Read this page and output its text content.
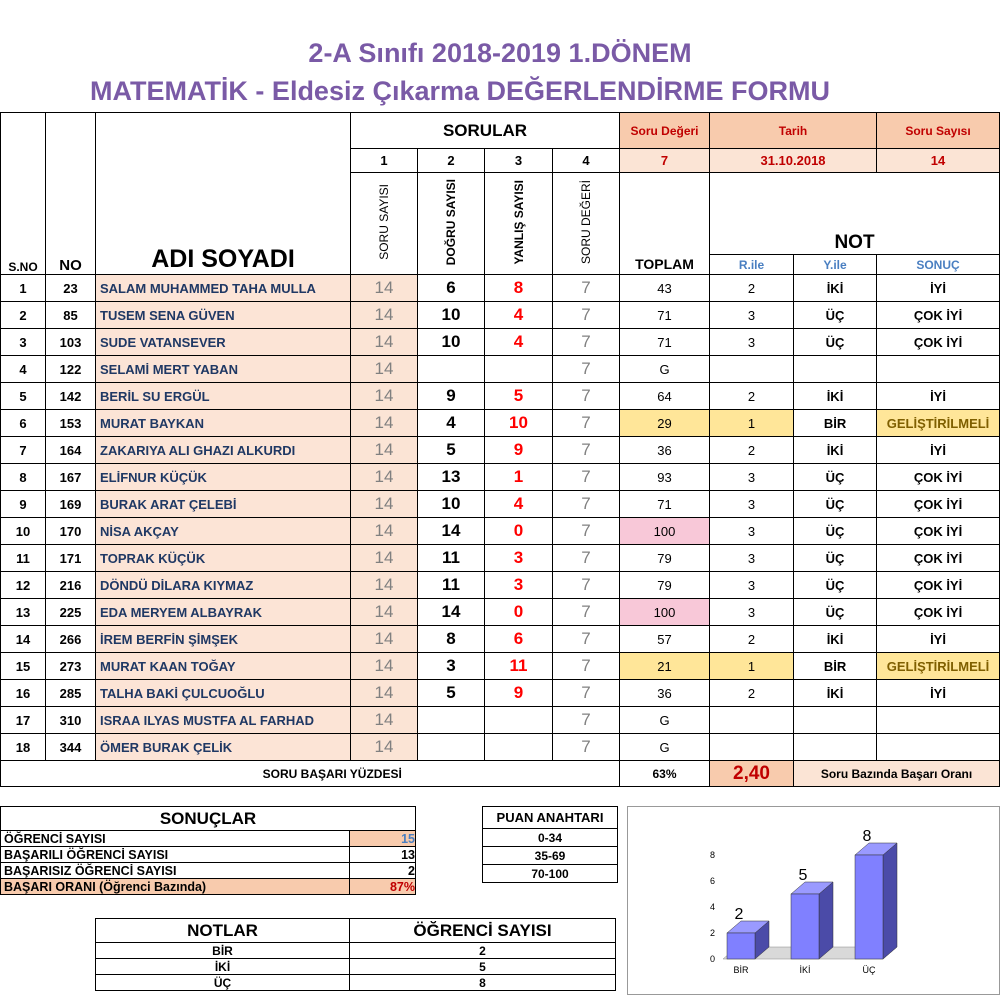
2-A Sınıfı 2018-2019 1.DÖNEM
MATEMATİK - Eldesiz Çıkarma DEĞERLENDİRME FORMU
S.NO	NO	ADI SOYADI	SORULAR				Soru Değeri	Tarih		Soru Sayısı
			1	2	3	4	7	31.10.2018		14
			SORU SAYISI	DOĞRU SAYISI	YANLIŞ SAYISI	SORU DEĞERİ		NOT		
							TOPLAM	R.ile	Y.ile	SONUÇ
1	23	SALAM MUHAMMED TAHA MULLA	14	6	8	7	43	2	İKİ	İYİ
2	85	TUSEM SENA GÜVEN	14	10	4	7	71	3	ÜÇ	ÇOK İYİ
3	103	SUDE VATANSEVER	14	10	4	7	71	3	ÜÇ	ÇOK İYİ
4	122	SELAMİ MERT YABAN	14			7	G			
5	142	BERİL SU ERGÜL	14	9	5	7	64	2	İKİ	İYİ
6	153	MURAT BAYKAN	14	4	10	7	29	1	BİR	GELİŞTİRİLMELİ
7	164	ZAKARIYA ALI GHAZI ALKURDI	14	5	9	7	36	2	İKİ	İYİ
8	167	ELİFNUR KÜÇÜK	14	13	1	7	93	3	ÜÇ	ÇOK İYİ
9	169	BURAK ARAT ÇELEBİ	14	10	4	7	71	3	ÜÇ	ÇOK İYİ
10	170	NİSA AKÇAY	14	14	0	7	100	3	ÜÇ	ÇOK İYİ
11	171	TOPRAK KÜÇÜK	14	11	3	7	79	3	ÜÇ	ÇOK İYİ
12	216	DÖNDÜ DİLARA KIYMAZ	14	11	3	7	79	3	ÜÇ	ÇOK İYİ
13	225	EDA MERYEM ALBAYRAK	14	14	0	7	100	3	ÜÇ	ÇOK İYİ
14	266	İREM BERFİN ŞİMŞEK	14	8	6	7	57	2	İKİ	İYİ
15	273	MURAT KAAN TOĞAY	14	3	11	7	21	1	BİR	GELİŞTİRİLMELİ
16	285	TALHA BAKİ ÇULCUOĞLU	14	5	9	7	36	2	İKİ	İYİ
17	310	ISRAA ILYAS MUSTFA AL FARHAD	14			7	G			
18	344	ÖMER BURAK ÇELİK	14			7	G			
	SORU BAŞARI YÜZDESİ						63%	2,40	Soru Bazında Başarı Oranı	
SONUÇLAR	
ÖĞRENCİ SAYISI	15
BAŞARILI ÖĞRENCİ SAYISI	13
BAŞARISIZ ÖĞRENCİ SAYISI	2
BAŞARI ORANI (Öğrenci Bazında)	87%
PUAN ANAHTARI
0-34
35-69
70-100
NOTLAR	ÖĞRENCİ SAYISI
BİR	2
İKİ	5
ÜÇ	8
0
2
4
6
8
2
BİR
5
İKİ
8
ÜÇ
